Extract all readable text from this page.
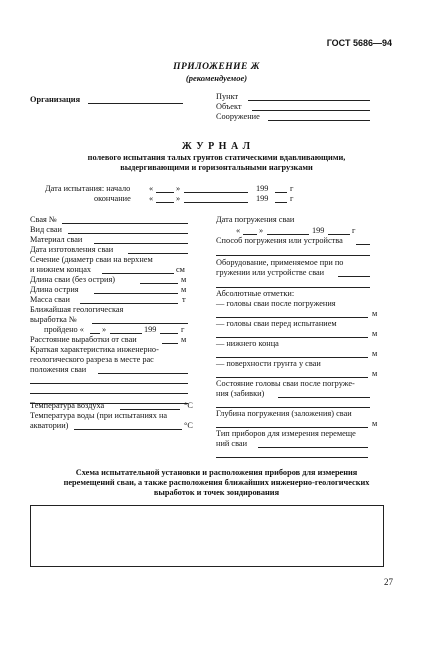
ГОСТ 5686—94
ПРИЛОЖЕНИЕ Ж
(рекомендуемое)
Организация	Пункт
Объект
Сооружение
Ж У Р Н А Л
полевого испытания талых грунтов статическими вдавливающими,
выдергивающими и горизонтальными нагрузками
Дата испытания: начало «	»	199	г
окончание «	»	199	г
Свая №
Вид сваи
Материал сваи
Дата изготовления сваи
Сечение (диаметр сваи на верхнем
и нижнем концах	см
Длина сваи (без острия)	м
Длина острия	м
Масса сваи	т
Ближайшая геологическая
выработка №
пройдено « »	199	г
Расстояние выработки от сваи	м
Краткая характеристика инженерно-
геологического разреза в месте рас
положения сваи
Температура воздуха	°С
Температура воды (при испытаниях на
акватории)	°С
Дата погружения сваи
« »	199	г
Способ погружения или устройства
Оборудование, применяемое при по
гружении или устройстве сваи
Абсолютные отметки:
— головы сваи после погружения
м
— головы сваи перед испытанием
м
— нижнего конца
м
— поверхности грунта у сваи
м
Состояние головы сваи после погруже-
ния (забивки)
Глубина погружения (заложения) сваи
м
Тип приборов для измерения перемеще
ний сваи
Схема испытательной установки и расположения приборов для измерения
перемещений сваи, а также расположения ближайших инженерно-геологических
выработок и точек зондирования
27
